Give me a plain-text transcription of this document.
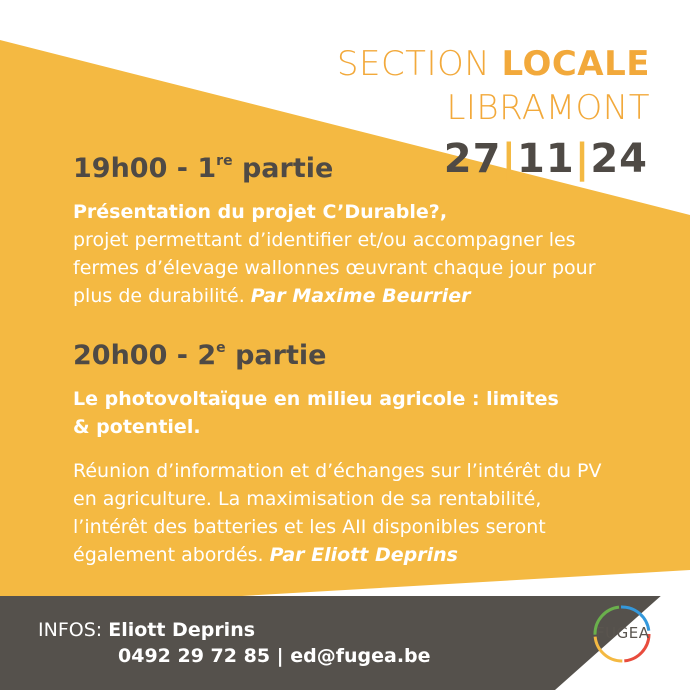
SECTION LOCALE
LIBRAMONT
27|11|24
19h00 - 1re partie
Présentation du projet C’Durable?,
projet permettant d’identifier et/ou accompagner les fermes d’élevage wallonnes œuvrant chaque jour pour plus de durabilité. Par Maxime Beurrier
20h00 - 2e partie
Le photovoltaïque en milieu agricole : limites & potentiel.
Réunion d’information et d’échanges sur l’intérêt du PV en agriculture. La maximisation de sa rentabilité, l’intérêt des batteries et les AII disponibles seront également abordés. Par Eliott Deprins
INFOS: Eliott Deprins
0492 29 72 85 | ed@fugea.be
FUGEA
